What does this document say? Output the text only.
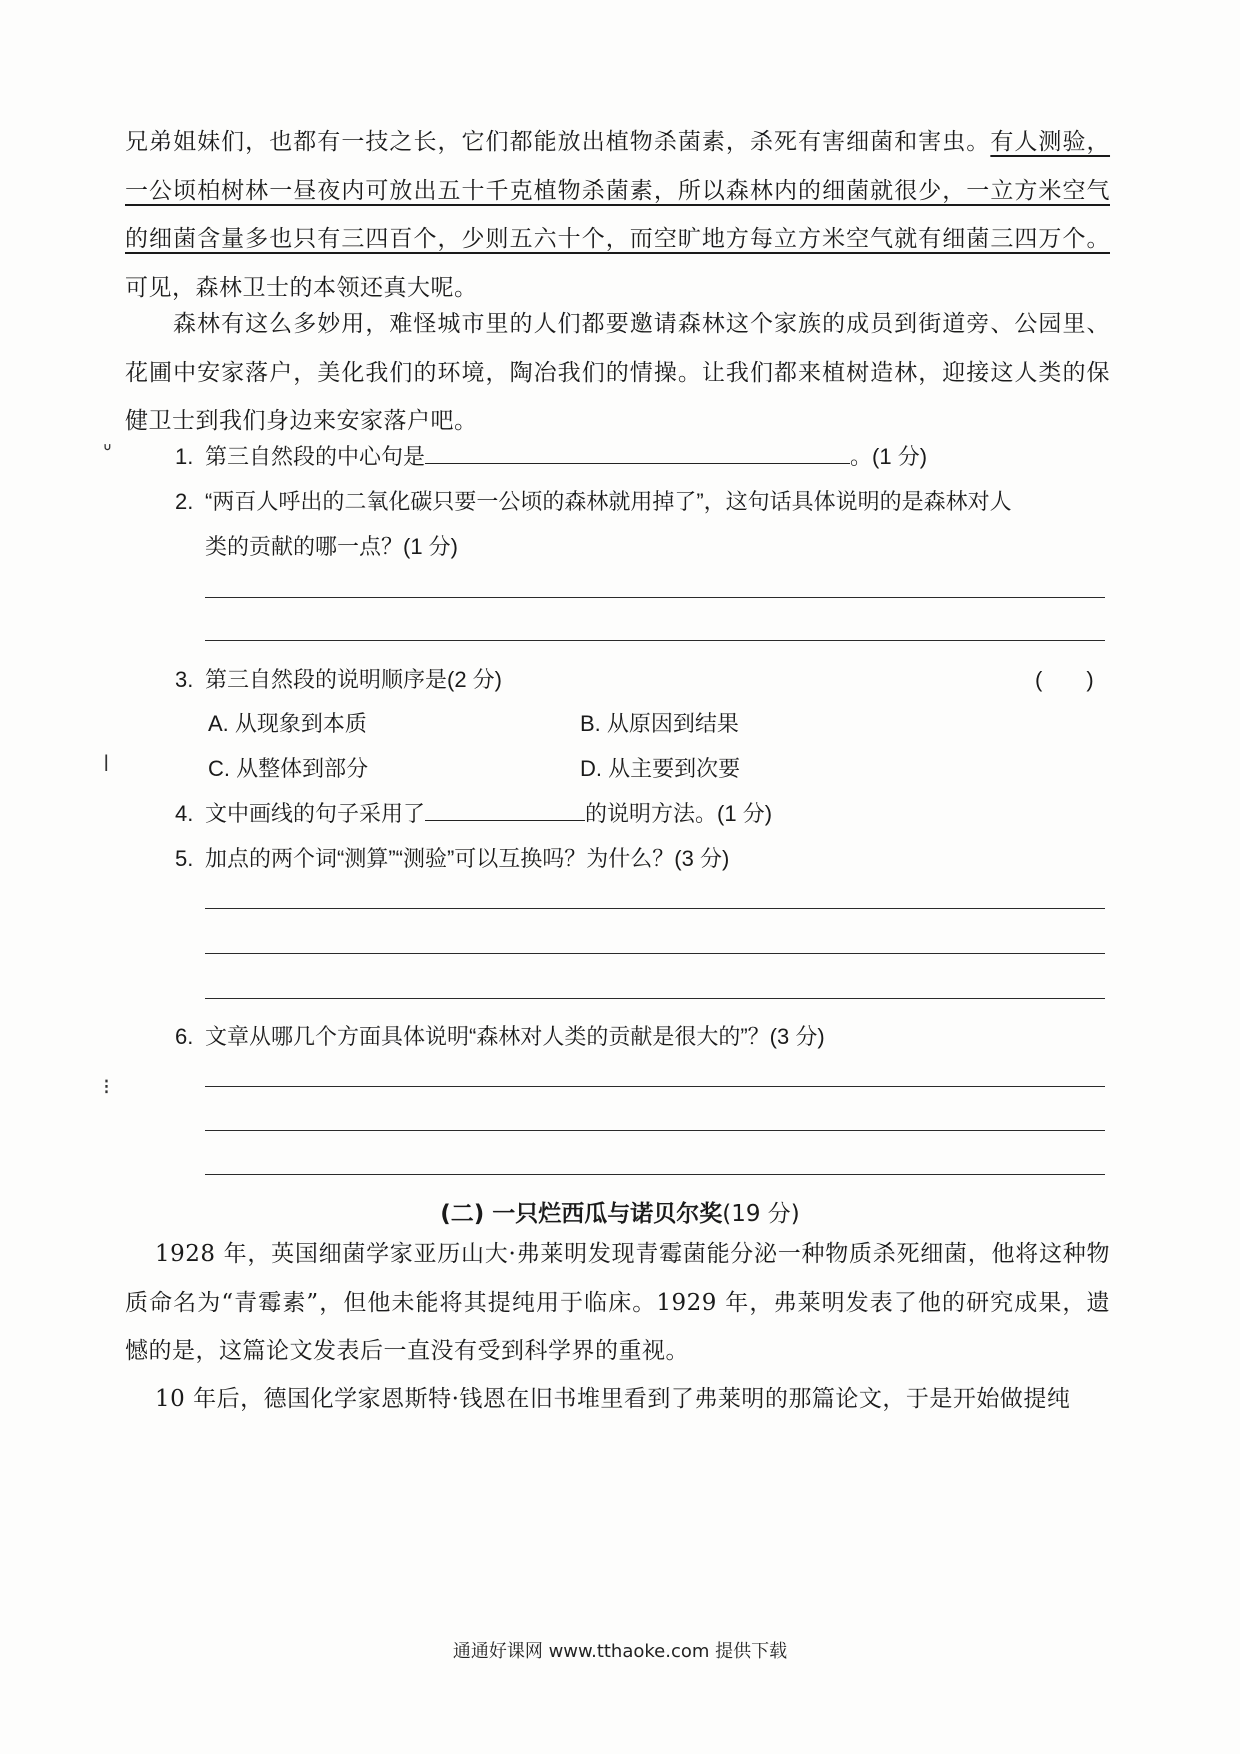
兄弟姐妹们，也都有一技之长，它们都能放出植物杀菌素，杀死有害细菌和害虫。有人测验，一公顷柏树林一昼夜内可放出五十千克植物杀菌素，所以森林内的细菌就很少，一立方米空气的细菌含量多也只有三四百个，少则五六十个，而空旷地方每立方米空气就有细菌三四万个。可见，森林卫士的本领还真大呢。

森林有这么多妙用，难怪城市里的人们都要邀请森林这个家族的成员到街道旁、公园里、花圃中安家落户，美化我们的环境，陶冶我们的情操。让我们都来植树造林，迎接这人类的保健卫士到我们身边来安家落户吧。

ᐡ	1. 第三自然段的中心句是	。(1 分)
2. “两百人呼出的二氧化碳只要一公顷的森林就用掉了”，这句话具体说明的是森林对人
类的贡献的哪一点？(1 分)
3. 第三自然段的说明顺序是(2 分)	(　　)
A. 从现象到本质	B. 从原因到结果
C. 从整体到部分	D. 从主要到次要
ǀ
4. 文中画线的句子采用了	的说明方法。(1 分)
5. 加点的两个词“测算”“测验”可以互换吗？为什么？(3 分)
6. 文章从哪几个方面具体说明“森林对人类的贡献是很大的”？(3 分)
⁝
(二) 一只烂西瓜与诺贝尔奖(19 分)

1928 年，英国细菌学家亚历山大·弗莱明发现青霉菌能分泌一种物质杀死细菌，他将这种物质命名为“青霉素”，但他未能将其提纯用于临床。1929 年，弗莱明发表了他的研究成果，遗憾的是，这篇论文发表后一直没有受到科学界的重视。

10 年后，德国化学家恩斯特·钱恩在旧书堆里看到了弗莱明的那篇论文，于是开始做提纯

通通好课网 www.tthaoke.com 提供下载
